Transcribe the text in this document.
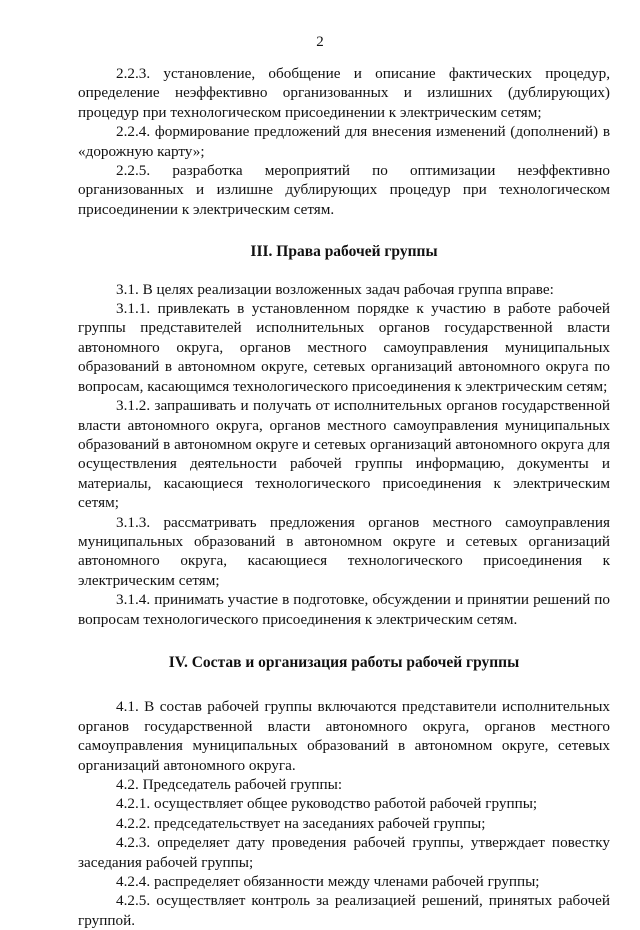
2

2.2.3. установление, обобщение и описание фактических процедур, определение неэффективно организованных и излишних (дублирующих) процедур при технологическом присоединении к электрическим сетям;

2.2.4. формирование предложений для внесения изменений (дополнений) в «дорожную карту»;

2.2.5. разработка мероприятий по оптимизации неэффективно организованных и излишне дублирующих процедур при технологическом присоединении к электрическим сетям.

III. Права рабочей группы

3.1. В целях реализации возложенных задач рабочая группа вправе:

3.1.1. привлекать в установленном порядке к участию в работе рабочей группы представителей исполнительных органов государственной власти автономного округа, органов местного самоуправления муниципальных образований в автономном округе, сетевых организаций автономного округа по вопросам, касающимся технологического присоединения к электрическим сетям;

3.1.2. запрашивать и получать от исполнительных органов государственной власти автономного округа, органов местного самоуправления муниципальных образований в автономном округе и сетевых организаций автономного округа для осуществления деятельности рабочей группы информацию, документы и материалы, касающиеся технологического присоединения к электрическим сетям;

3.1.3. рассматривать предложения органов местного самоуправления муниципальных образований в автономном округе и сетевых организаций автономного округа, касающиеся технологического присоединения к электрическим сетям;

3.1.4. принимать участие в подготовке, обсуждении и принятии решений по вопросам технологического присоединения к электрическим сетям.

IV. Состав и организация работы рабочей группы

4.1. В состав рабочей группы включаются представители исполнительных органов государственной власти автономного округа, органов местного самоуправления муниципальных образований в автономном округе, сетевых организаций автономного округа.

4.2. Председатель рабочей группы:

4.2.1. осуществляет общее руководство работой рабочей группы;

4.2.2. председательствует на заседаниях рабочей группы;

4.2.3. определяет дату проведения рабочей группы, утверждает повестку заседания рабочей группы;

4.2.4. распределяет обязанности между членами рабочей группы;

4.2.5. осуществляет контроль за реализацией решений, принятых рабочей группой.
